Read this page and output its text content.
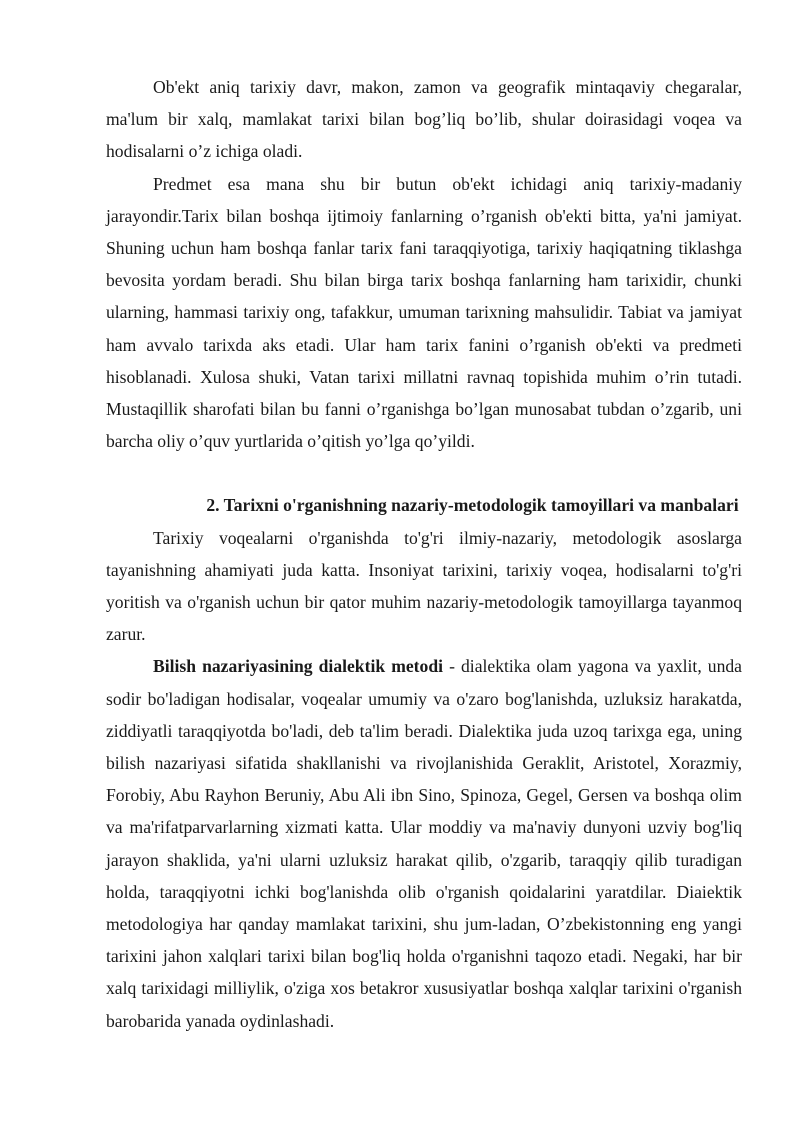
Ob'ekt aniq tarixiy davr, makon, zamon va geografik mintaqaviy chegaralar, ma'lum bir xalq, mamlakat tarixi bilan bog’liq bo’lib, shular doirasidagi voqea va hodisalarni o’z ichiga oladi.

Predmet esa mana shu bir butun ob'ekt ichidagi aniq tarixiy-madaniy jarayondir.Tarix bilan boshqa ijtimoiy fanlarning o’rganish ob'ekti bitta, ya'ni jamiyat. Shuning uchun ham boshqa fanlar tarix fani taraqqiyotiga, tarixiy haqiqatning tiklashga bevosita yordam beradi. Shu bilan birga tarix boshqa fanlarning ham tarixidir, chunki ularning, hammasi tarixiy ong, tafakkur, umuman tarixning mahsulidir. Tabiat va jamiyat ham avvalo tarixda aks etadi. Ular ham tarix fanini o’rganish ob'ekti va predmeti hisoblanadi. Xulosa shuki, Vatan tarixi millatni ravnaq topishida muhim o’rin tutadi. Mustaqillik sharofati bilan bu fanni o’rganishga bo’lgan munosabat tubdan o’zgarib, uni barcha oliy o’quv yurtlarida o’qitish yo’lga qo’yildi.

2. Tarixni o'rganishning nazariy-metodologik tamoyillari va manbalari

Tarixiy voqealarni o'rganishda to'g'ri ilmiy-nazariy, metodologik asoslarga tayanishning ahamiyati juda katta. Insoniyat tarixini, tarixiy voqea, hodisalarni to'g'ri yoritish va o'rganish uchun bir qator muhim nazariy-metodologik tamoyillarga tayanmoq zarur.

Bilish nazariyasining dialektik metodi - dialektika olam yagona va yaxlit, unda sodir bo'ladigan hodisalar, voqealar umumiy va o'zaro bog'lanishda, uzluksiz harakatda, ziddiyatli taraqqiyotda bo'ladi, deb ta'lim beradi. Dialektika juda uzoq tarixga ega, uning bilish nazariyasi sifatida shakllanishi va rivojlanishida Geraklit, Aristotel, Xorazmiy, Forobiy, Abu Rayhon Beruniy, Abu Ali ibn Sino, Spinoza, Gegel, Gersen va boshqa olim va ma'rifatparvarlarning xizmati katta. Ular moddiy va ma'naviy dunyoni uzviy bog'liq jarayon shaklida, ya'ni ularni uzluksiz harakat qilib, o'zgarib, taraqqiy qilib turadigan holda, taraqqiyotni ichki bog'lanishda olib o'rganish qoidalarini yaratdilar. Diaiektik metodologiya har qanday mamlakat tarixini, shu jum-ladan, O’zbekistonning eng yangi tarixini jahon xalqlari tarixi bilan bog'liq holda o'rganishni taqozo etadi. Negaki, har bir xalq tarixidagi milliylik, o'ziga xos betakror xususiyatlar boshqa xalqlar tarixini o'rganish barobarida yanada oydinlashadi.
